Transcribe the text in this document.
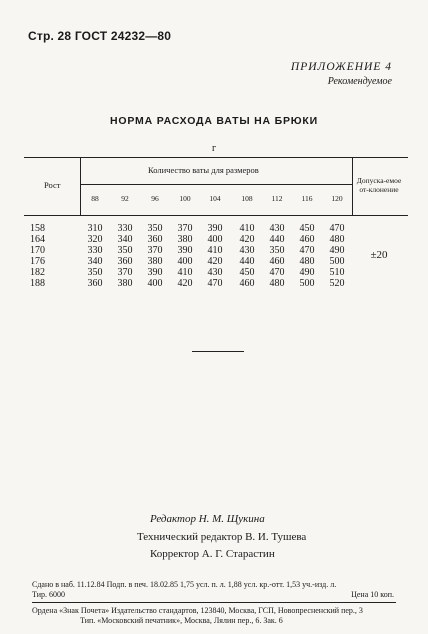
Стр. 28 ГОСТ 24232—80
ПРИЛОЖЕНИЕ 4
Рекомендуемое
НОРМА РАСХОДА ВАТЫ НА БРЮКИ
г
Рост
Количество ваты для размеров
Допуска-емое от-клонение
88	92	96	100	104	108	112	116	120
158	310	330	350	370	390	410	430	450	470
164	320	340	360	380	400	420	440	460	480
170	330	350	370	390	410	430	350	470	490
176	340	360	380	400	420	440	460	480	500
182	350	370	390	410	430	450	470	490	510
188	360	380	400	420	470	460	480	500	520
±20
Редактор Н. М. Щукина
Технический редактор В. И. Тушева
Корректор А. Г. Старастин
Сдано в наб. 11.12.84 Подп. в печ. 18.02.85 1,75 усл. п. л. 1,88 усл. кр.-отт. 1,53 уч.-изд. л.
Тир. 6000	Цена 10 коп.
Ордена «Знак Почета» Издательство стандартов, 123840, Москва, ГСП, Новопресненский пер., 3
Тип. «Московский печатник», Москва, Лялин пер., 6. Зак. 6
